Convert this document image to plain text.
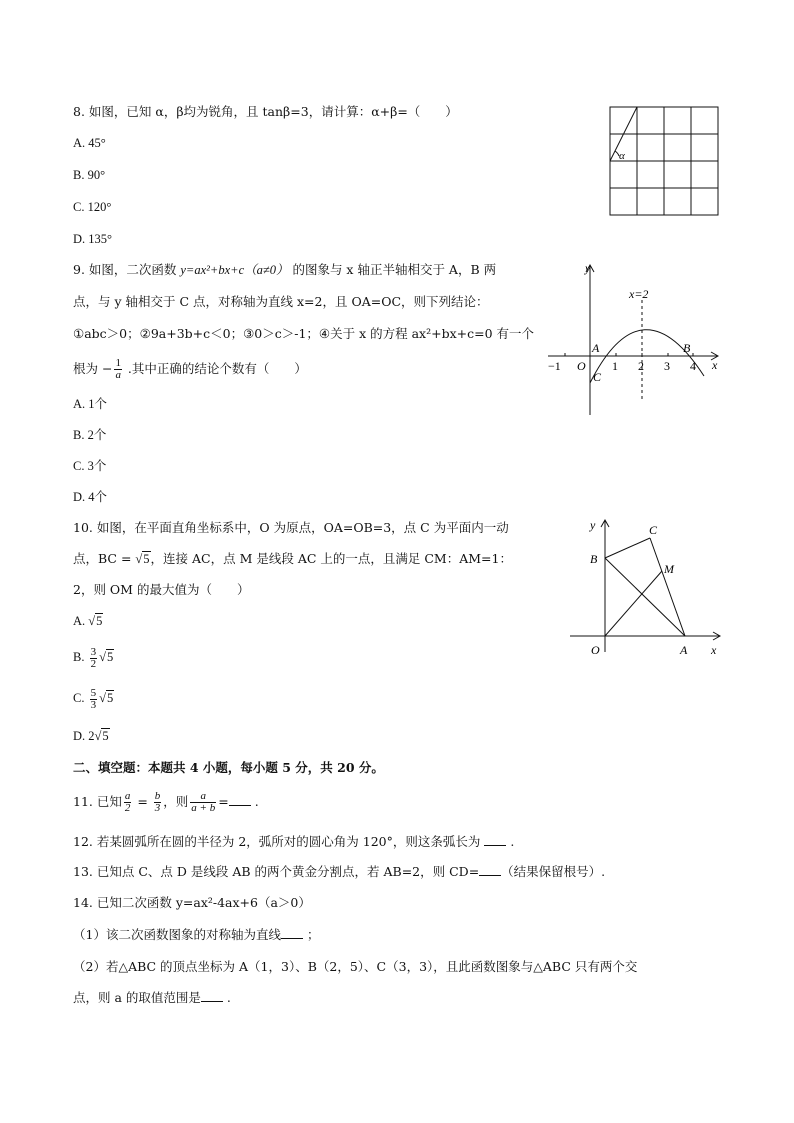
8. 如图，已知 α，β均为锐角，且 tanβ=3，请计算：α+β=（　　）
A. 45°
B. 90°
C. 120°
D. 135°
α
9. 如图，二次函数 y=ax²+bx+c（a≠0） 的图象与 x 轴正半轴相交于 A，B 两
点，与 y 轴相交于 C 点，对称轴为直线 x=2，且 OA=OC，则下列结论：
①abc＞0；②9a+3b+c＜0；③0＞c＞-1；④关于 x 的方程 ax²+bx+c=0 有一个
根为 − $\frac{1}{a}$ .其中正确的结论个数有（　　）
A. 1个
B. 2个
C. 3个
D. 4个
y
x=2
A	B
x
−1 O 1 2 3 4
C
10. 如图，在平面直角坐标系中，O 为原点，OA=OB=3，点 C 为平面内一动
点，BC = √5，连接 AC，点 M 是线段 AC 上的一点，且满足 CM：AM=1：
2，则 OM 的最大值为（　　）
A. √5
B. $\frac{3}{2} √5$
C. $\frac{5}{3} √5$
D. 2√5
y	C
B
M
O	A x
二、填空题：本题共 4 小题，每小题 5 分，共 20 分。
11. 已知 $\frac{a}{2} = \frac{b}{3}$ ，则 $\frac{a}{a + b}$ = .
12. 若某圆弧所在圆的半径为 2，弧所对的圆心角为 120°，则这条弧长为  .
13. 已知点 C、点 D 是线段 AB 的两个黄金分割点，若 AB=2，则 CD= （结果保留根号）.
14. 已知二次函数 y=ax²-4ax+6（a＞0）
（1）该二次函数图象的对称轴为直线 ；
（2）若△ABC 的顶点坐标为 A（1，3）、B（2，5）、C（3，3），且此函数图象与△ABC 只有两个交
点，则 a 的取值范围是 .
